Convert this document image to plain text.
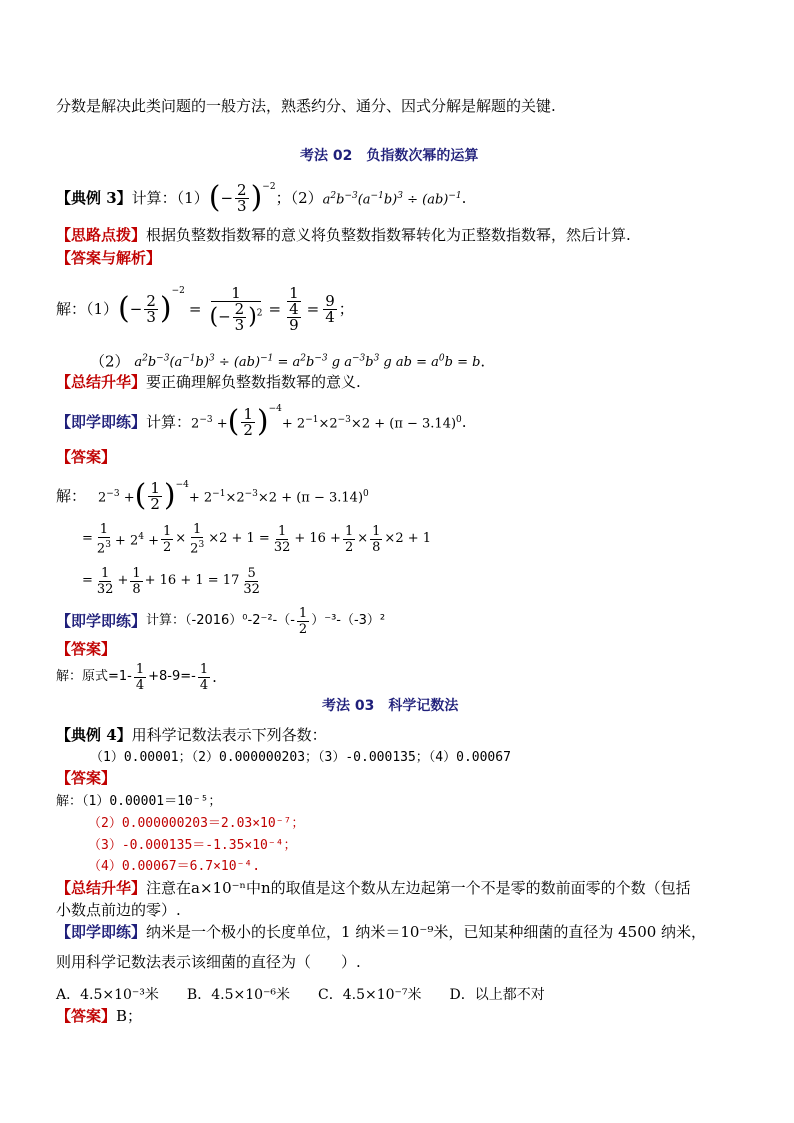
分数是解决此类问题的一般方法，熟悉约分、通分、因式分解是解题的关键.
考法 02　负指数次幂的运算
【典例 3】 计算：（1） ( − $\frac{2}{3} )^{-2}$
；（2） $a^2b^{-3}(a^{-1}b)^3 \div (ab)^{-1}$ .
【思路点拨】根据负整数指数幂的意义将负整数指数幂转化为正整数指数幂，然后计算.
【答案与解析】
解：（1） ( − $\frac{2}{3} )^{-2}$
= $\frac{1}{(- \frac{2}{3} )^2} = \frac{1}{\frac{4}{9}} = \frac{9}{4}$ ；
（2） $a^2b^{-3}(a^{-1}b)^3 \div (ab)^{-1} = a^2b^{-3}$ g $a^{-3}b^3$ g ab = $a^0b = b$.
【总结升华】要正确理解负整数指数幂的意义.
【即学即练】 计算： $2^{-3}$ + ( 1
2 )$^{-4}$
+ $2^{-1}\times 2^{-3}\times 2 + (\pi - 3.14)^0$ .
【答案】
解： $2^{-3}$ + ( 1
2 )$^{-4}$
+ $2^{-1}\times 2^{-3}\times 2 + (\pi - 3.14)^0$
= $\frac{1}{2^3} + 2^4 + \frac{1}{2} \times \frac{1}{2^3} \times 2 + 1 = \frac{1}{32} + 16 + \frac{1}{2} \times \frac{1}{8} \times 2 + 1$
= $\frac{1}{32} + \frac{1}{8} + 16 + 1 = 17$ 5
32
【即学即练】 计算：（-2016）⁰-2⁻²-（- 1
2
）⁻³-（-3）²
【答案】
解：原式=1- 1
4
+8-9=- 1
4 .
考法 03　科学记数法
【典例 4】用科学记数法表示下列各数：
（1）0.00001；（2）0.000000203；（3）-0.000135；（4）0.00067
【答案】
解：（1）0.00001＝10⁻⁵；
（2）0.000000203＝2.03×10⁻⁷；
（3）-0.000135＝-1.35×10⁻⁴；
（4）0.00067＝6.7×10⁻⁴.
【总结升华】注意在a×10⁻ⁿ中n的取值是这个数从左边起第一个不是零的数前面零的个数（包括
小数点前边的零）.
【即学即练】纳米是一个极小的长度单位，1 纳米＝10⁻⁹米，已知某种细菌的直径为 4500 纳米，
则用科学记数法表示该细菌的直径为（　　）.
A．4.5×10⁻³米　　B．4.5×10⁻⁶米　　C．4.5×10⁻⁷米　　D．以上都不对
【答案】B；
